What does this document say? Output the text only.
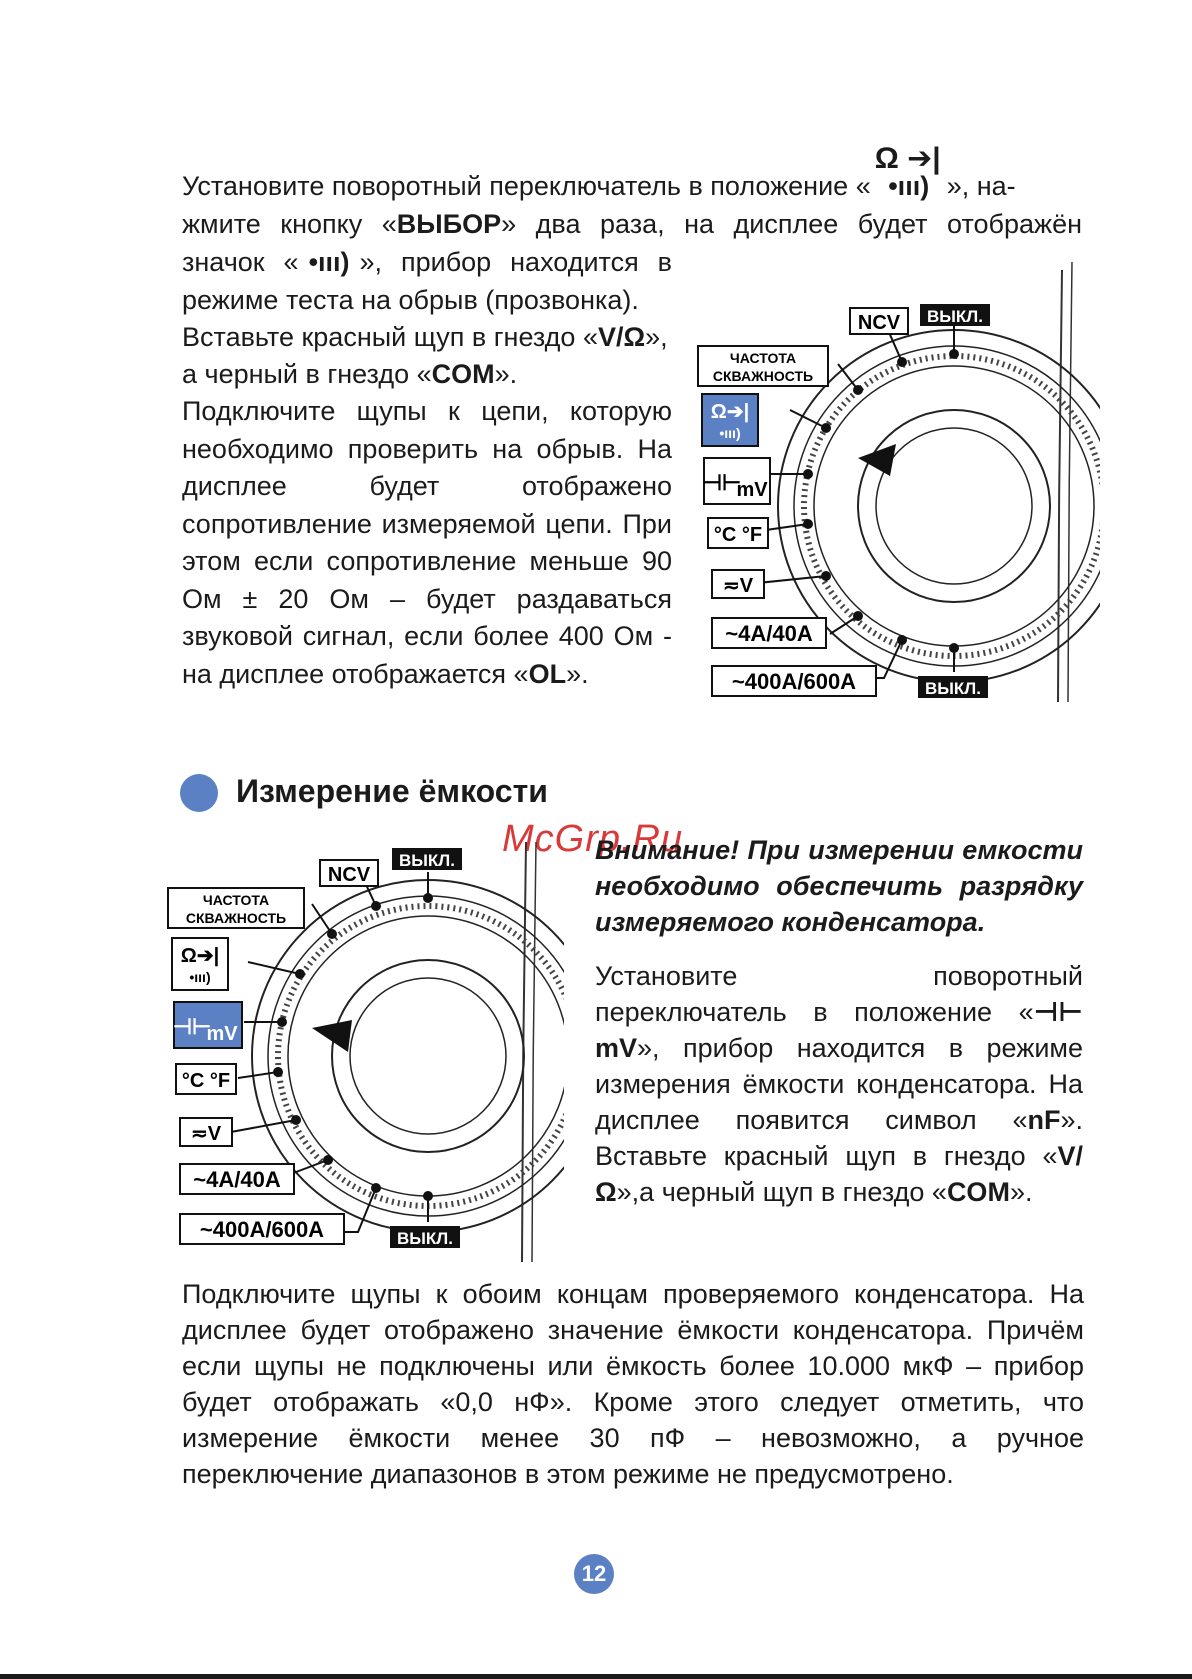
Установите поворотный переключатель в положение «
Ω ➔|
•ııı) », на-
жмите кнопку «ВЫБОР» два раза, на дисплее будет отображён
значок « •ııı) », прибор находится в
режиме теста на обрыв (прозвонка).
Вставьте красный щуп в гнездо «V/Ω»,
а черный в гнездо «COM».
Подключите щупы к цепи, которую необходимо проверить на обрыв. На дисплее будет отображено сопротивление измеряемой цепи. При этом если сопротивление меньше 90 Ом ± 20 Ом – будет раздаваться звуковой сигнал, если более 400 Ом - на дисплее отображается «OL».
NCV ВЫКЛ.
ЧАСТОТА
СКВАЖНОСТЬ
Ω➔|
•ııı)
⊣⊢
mV
°C °F
≂V
~4A/40A
~400A/600A	ВЫКЛ.
Измерение ёмкости
McGrp.Ru

Внимание! При измерении емкости необходимо обеспечить разрядку измеряемого конденсатора.

NCV
ВЫКЛ.
ЧАСТОТА
СКВАЖНОСТЬ
Ω➔|
•ııı)
⊣⊢
mV
°C °F
≂V
~4A/40A
~400A/600A	ВЫКЛ.
Установите поворотный переключатель в положение «⊣⊢ mV», прибор находится в режиме измерения ёмкости конденсатора. На дисплее появится символ «nF». Вставьте красный щуп в гнездо «V/Ω»,а черный щуп в гнездо «COM».
Подключите щупы к обоим концам проверяемого конденсатора. На дисплее будет отображено значение ёмкости конденсатора. Причём если щупы не подключены или ёмкость более 10.000 мкФ – прибор будет отображать «0,0 нФ». Кроме этого следует отметить, что измерение ёмкости менее 30 пФ – невозможно, а ручное переключение диапазонов в этом режиме не предусмотрено.
12
